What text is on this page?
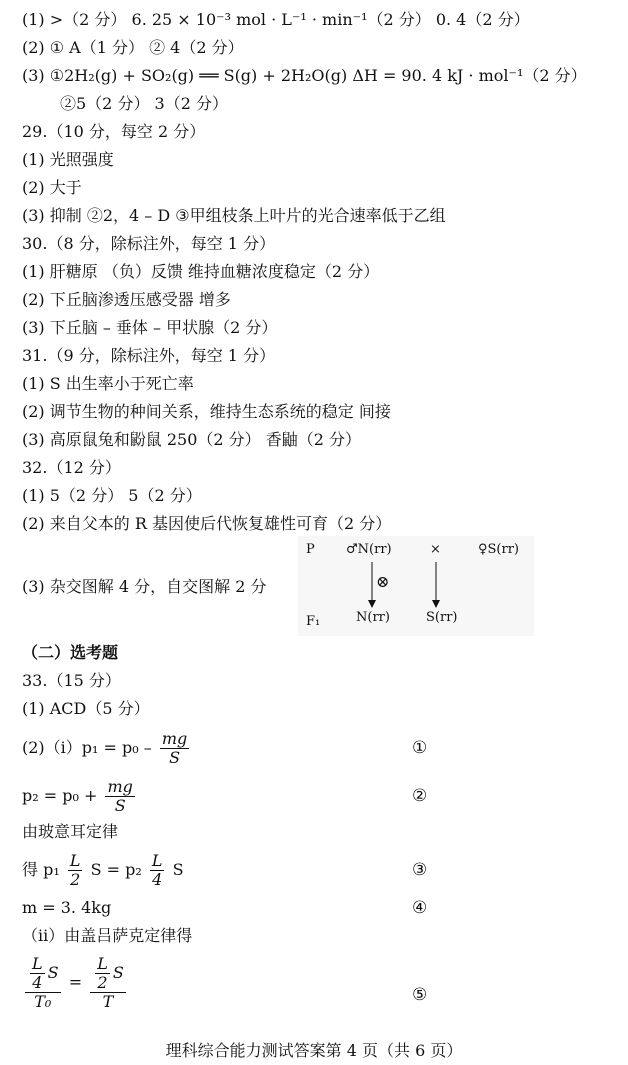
(1) >（2 分） 6. 25 × 10⁻³ mol · L⁻¹ · min⁻¹（2 分） 0. 4（2 分）
(2) ① A（1 分） ② 4（2 分）
(3) ①2H₂(g) + SO₂(g) ══ S(g) + 2H₂O(g) ΔH = 90. 4 kJ · mol⁻¹（2 分）
②5（2 分） 3（2 分）
29.（10 分，每空 2 分）
(1) 光照强度
(2) 大于
(3) 抑制 ②2，4 – D ③甲组枝条上叶片的光合速率低于乙组
30.（8 分，除标注外，每空 1 分）
(1) 肝糖原 （负）反馈 维持血糖浓度稳定（2 分）
(2) 下丘脑渗透压感受器 增多
(3) 下丘脑 – 垂体 – 甲状腺（2 分）
31.（9 分，除标注外，每空 1 分）
(1) S 出生率小于死亡率
(2) 调节生物的种间关系，维持生态系统的稳定 间接
(3) 高原鼠兔和鼢鼠 250（2 分） 香鼬（2 分）
32.（12 分）
(1) 5（2 分） 5（2 分）
(2) 来自父本的 R 基因使后代恢复雄性可育（2 分）
(3) 杂交图解 4 分，自交图解 2 分
P ♂N(rr)	×	♀S(rr)
⊗
F₁	N(rr)	S(rr)
（二）选考题
33.（15 分）
(1) ACD（5 分）
(2)（ⅰ）p₁ = $p_0 - \frac{mg}{S}$	①
$p_2 = p_0 + \frac{mg}{S}$	②
由玻意耳定律
得 $p_1 \frac{L}{2}$ $S = p_2 \frac{L}{4}$ S	③
m = 3. 4kg	④
（ⅱ）由盖吕萨克定律得
$\frac{\frac{L}{4} S}{\text{T₀}} = \frac{\frac{L}{2} S}{T}$	⑤
理科综合能力测试答案第 4 页（共 6 页）
